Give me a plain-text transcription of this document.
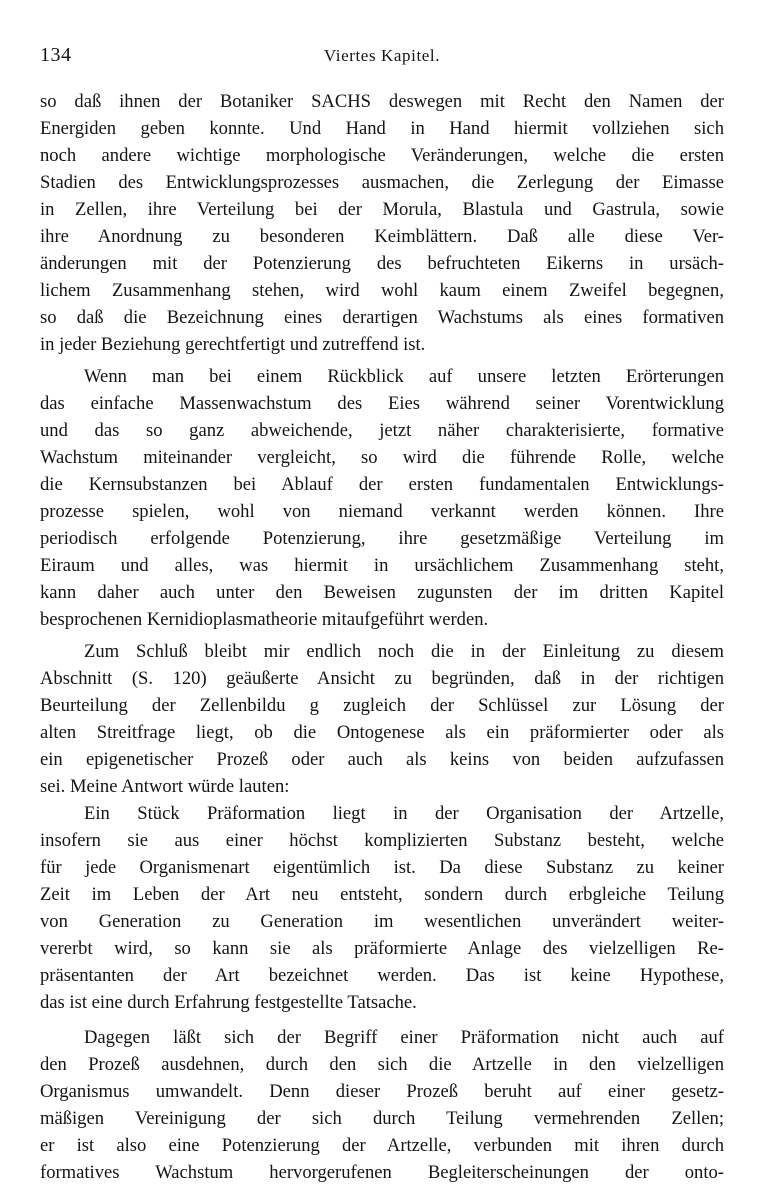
134	Viertes Kapitel.
so daß ihnen der Botaniker SACHS deswegen mit Recht den Namen der
Energiden geben konnte. Und Hand in Hand hiermit vollziehen sich
noch andere wichtige morphologische Veränderungen, welche die ersten
Stadien des Entwicklungsprozesses ausmachen, die Zerlegung der Eimasse
in Zellen, ihre Verteilung bei der Morula, Blastula und Gastrula, sowie
ihre Anordnung zu besonderen Keimblättern. Daß alle diese Ver-
änderungen mit der Potenzierung des befruchteten Eikerns in ursäch-
lichem Zusammenhang stehen, wird wohl kaum einem Zweifel begegnen,
so daß die Bezeichnung eines derartigen Wachstums als eines formativen
in jeder Beziehung gerechtfertigt und zutreffend ist.
Wenn man bei einem Rückblick auf unsere letzten Erörterungen
das einfache Massenwachstum des Eies während seiner Vorentwicklung
und das so ganz abweichende, jetzt näher charakterisierte, formative
Wachstum miteinander vergleicht, so wird die führende Rolle, welche
die Kernsubstanzen bei Ablauf der ersten fundamentalen Entwicklungs-
prozesse spielen, wohl von niemand verkannt werden können. Ihre
periodisch erfolgende Potenzierung, ihre gesetzmäßige Verteilung im
Eiraum und alles, was hiermit in ursächlichem Zusammenhang steht,
kann daher auch unter den Beweisen zugunsten der im dritten Kapitel
besprochenen Kernidioplasmatheorie mitaufgeführt werden.
Zum Schluß bleibt mir endlich noch die in der Einleitung zu diesem
Abschnitt (S. 120) geäußerte Ansicht zu begründen, daß in der richtigen
Beurteilung der Zellenbildu g zugleich der Schlüssel zur Lösung der
alten Streitfrage liegt, ob die Ontogenese als ein präformierter oder als
ein epigenetischer Prozeß oder auch als keins von beiden aufzufassen
sei. Meine Antwort würde lauten:
Ein Stück Präformation liegt in der Organisation der Artzelle,
insofern sie aus einer höchst komplizierten Substanz besteht, welche
für jede Organismenart eigentümlich ist. Da diese Substanz zu keiner
Zeit im Leben der Art neu entsteht, sondern durch erbgleiche Teilung
von Generation zu Generation im wesentlichen unverändert weiter-
vererbt wird, so kann sie als präformierte Anlage des vielzelligen Re-
präsentanten der Art bezeichnet werden. Das ist keine Hypothese,
das ist eine durch Erfahrung festgestellte Tatsache.
Dagegen läßt sich der Begriff einer Präformation nicht auch auf
den Prozeß ausdehnen, durch den sich die Artzelle in den vielzelligen
Organismus umwandelt. Denn dieser Prozeß beruht auf einer gesetz-
mäßigen Vereinigung der sich durch Teilung vermehrenden Zellen;
er ist also eine Potenzierung der Artzelle, verbunden mit ihren durch
formatives Wachstum hervorgerufenen Begleiterscheinungen der onto-
